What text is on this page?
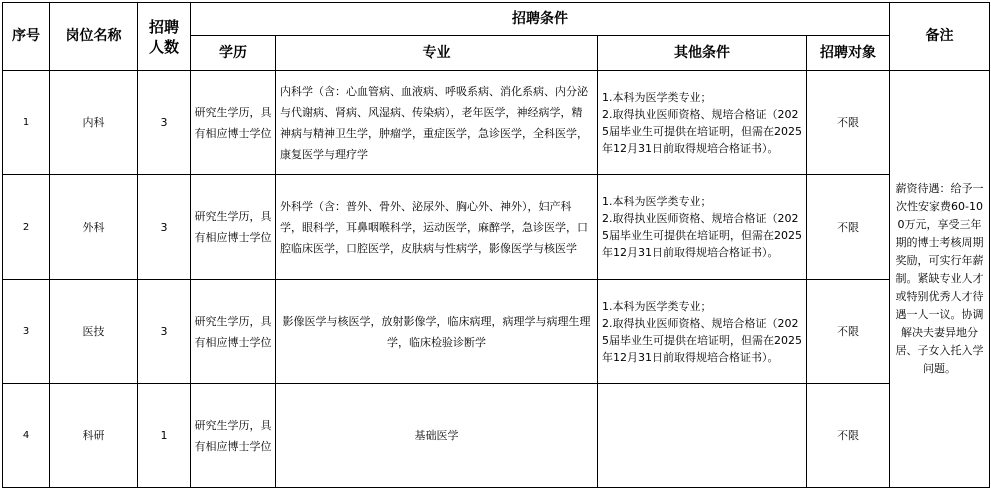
序号	岗位名称	招聘人数	招聘条件				备注
			学历	专业	其他条件	招聘对象	
1	内科	3	研究生学历，具有相应博士学位	内科学（含：心血管病、血液病、呼吸系病、消化系病、内分泌与代谢病、肾病、风湿病、传染病），老年医学，神经病学，精神病与精神卫生学，肿瘤学，重症医学，急诊医学，全科医学，康复医学与理疗学	1.本科为医学类专业；
2.取得执业医师资格、规培合格证（2025届毕业生可提供在培证明，但需在2025年12月31日前取得规培合格证书）。	不限	薪资待遇：给予一次性安家费60-100万元，享受三年期的博士考核周期奖励，可实行年薪制。紧缺专业人才或特别优秀人才待遇一人一议。协调解决夫妻异地分居、子女入托入学问题。
2	外科	3	研究生学历，具有相应博士学位	外科学（含：普外、骨外、泌尿外、胸心外、神外），妇产科学，眼科学，耳鼻咽喉科学，运动医学，麻醉学，急诊医学，口腔临床医学，口腔医学，皮肤病与性病学，影像医学与核医学	1.本科为医学类专业；
2.取得执业医师资格、规培合格证（2025届毕业生可提供在培证明，但需在2025年12月31日前取得规培合格证书）。	不限	
3	医技	3	研究生学历，具有相应博士学位	影像医学与核医学，放射影像学，临床病理，病理学与病理生理学，临床检验诊断学	1.本科为医学类专业；
2.取得执业医师资格、规培合格证（2025届毕业生可提供在培证明，但需在2025年12月31日前取得规培合格证书）。	不限	
4	科研	1	研究生学历，具有相应博士学位	基础医学		不限	
